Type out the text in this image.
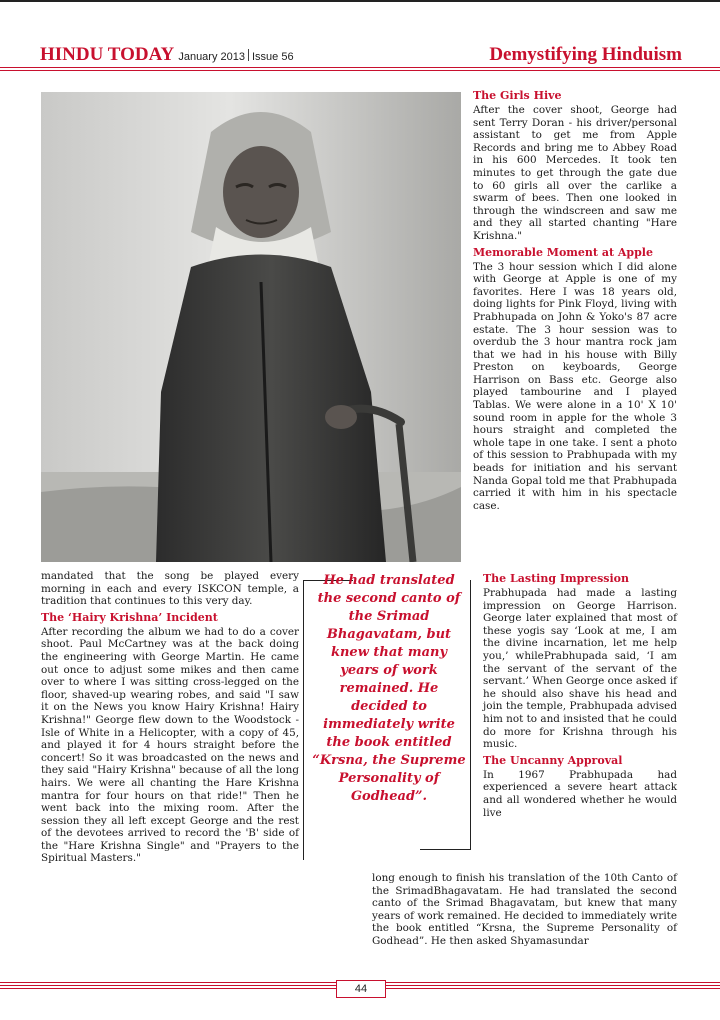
HINDU TODAY January 2013 Issue 56	Demystifying Hinduism

mandated that the song be played every morning in each and every ISKCON temple, a tradition that continues to this very day.

The ‘Hairy Krishna’ Incident

After recording the album we had to do a cover shoot. Paul McCartney was at the back doing the engineering with George Martin. He came out once to adjust some mikes and then came over to where I was sitting cross-legged on the floor, shaved-up wearing robes, and said "I saw it on the News you know Hairy Krishna! Hairy Krishna!" George flew down to the Woodstock - Isle of White in a Helicopter, with a copy of 45, and played it for 4 hours straight before the concert! So it was broadcasted on the news and they said "Hairy Krishna" because of all the long hairs. We were all chanting the Hare Krishna mantra for four hours on that ride!" Then he went back into the mixing room. After the session they all left except George and the rest of the devotees arrived to record the 'B' side of the "Hare Krishna Single" and "Prayers to the Spiritual Masters."

He had translated the second canto of the Srimad Bhagavatam, but knew that many years of work remained. He decided to immediately write the book entitled “Krsna, the Supreme Personality of Godhead”.
The Girls Hive

After the cover shoot, George had sent Terry Doran - his driver/personal assistant to get me from Apple Records and bring me to Abbey Road in his 600 Mercedes. It took ten minutes to get through the gate due to 60 girls all over the carlike a swarm of bees. Then one looked in through the windscreen and saw me and they all started chanting "Hare Krishna."

Memorable Moment at Apple

The 3 hour session which I did alone with George at Apple is one of my favorites. Here I was 18 years old, doing lights for Pink Floyd, living with Prabhupada on John & Yoko's 87 acre estate. The 3 hour session was to overdub the 3 hour mantra rock jam that we had in his house with Billy Preston on keyboards, George Harrison on Bass etc. George also played tambourine and I played Tablas. We were alone in a 10' X 10' sound room in apple for the whole 3 hours straight and completed the whole tape in one take. I sent a photo of this session to Prabhupada with my beads for initiation and his servant Nanda Gopal told me that Prabhupada carried it with him in his spectacle case.

The Lasting Impression

Prabhupada had made a lasting impression on George Harrison. George later explained that most of these yogis say ‘Look at me, I am the divine incarnation, let me help you,’ whilePrabhupada said, ‘I am the servant of the servant of the servant.’ When George once asked if he should also shave his head and join the temple, Prabhupada advised him not to and insisted that he could do more for Krishna through his music.

The Uncanny Approval

In 1967 Prabhupada had experienced a severe heart attack and all wondered whether he would live

long enough to finish his translation of the 10th Canto of the SrimadBhagavatam. He had translated the second canto of the Srimad Bhagavatam, but knew that many years of work remained. He decided to immediately write the book entitled “Krsna, the Supreme Personality of Godhead”. He then asked Shyamasundar

44
